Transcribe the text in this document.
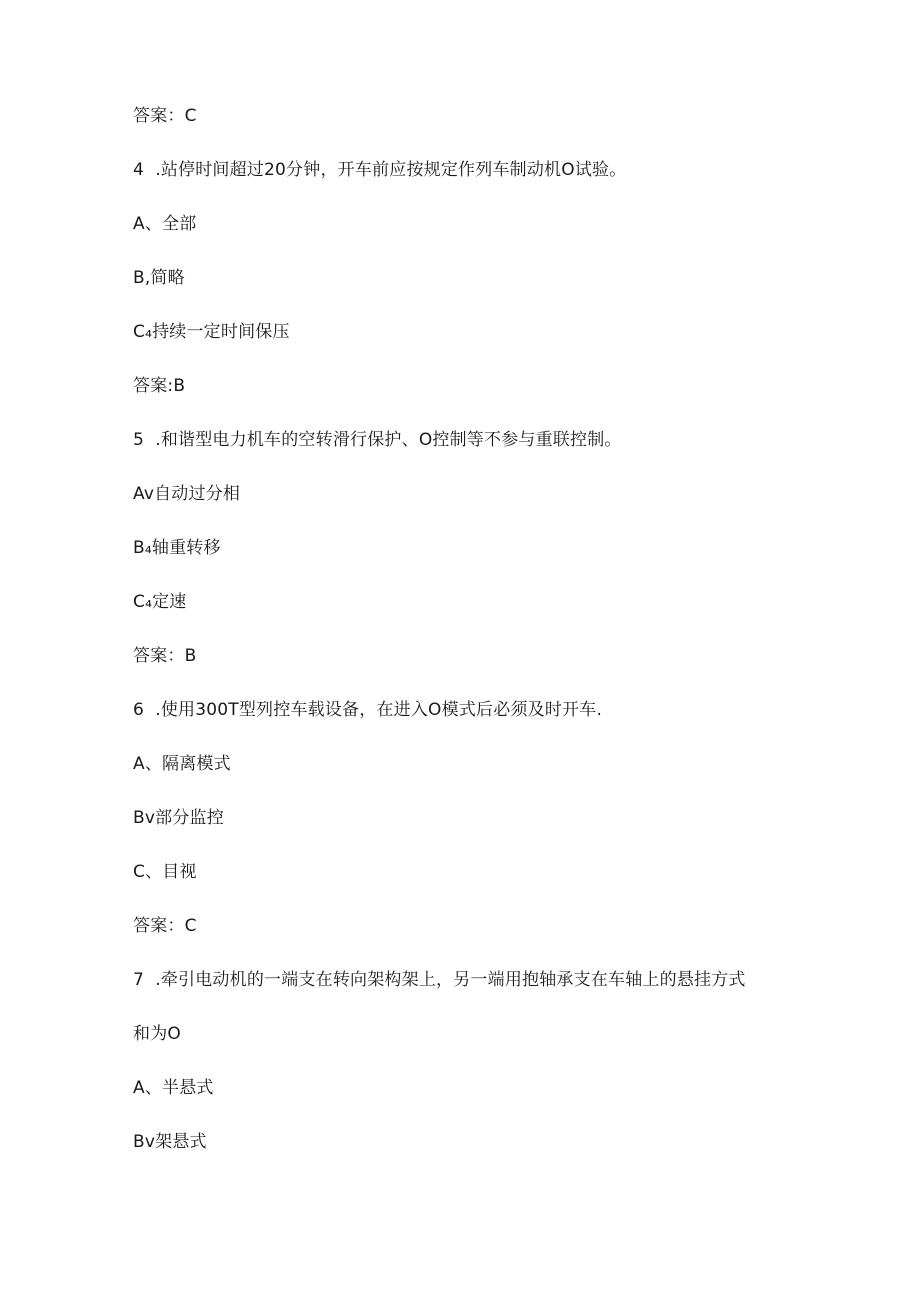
答案：C
4  .站停时间超过20分钟，开车前应按规定作列车制动机O试验。
A、全部
B,简略
C₄持续一定时间保压
答案:B
5  .和谐型电力机车的空转滑行保护、O控制等不参与重联控制。
Av自动过分相
B₄轴重转移
C₄定速
答案：B
6  .使用300T型列控车载设备，在进入O模式后必须及时开车.
A、隔离模式
Bv部分监控
C、目视
答案：C
7  .牵引电动机的一端支在转向架构架上，另一端用抱轴承支在车轴上的悬挂方式
和为O
A、半悬式
Bv架悬式
